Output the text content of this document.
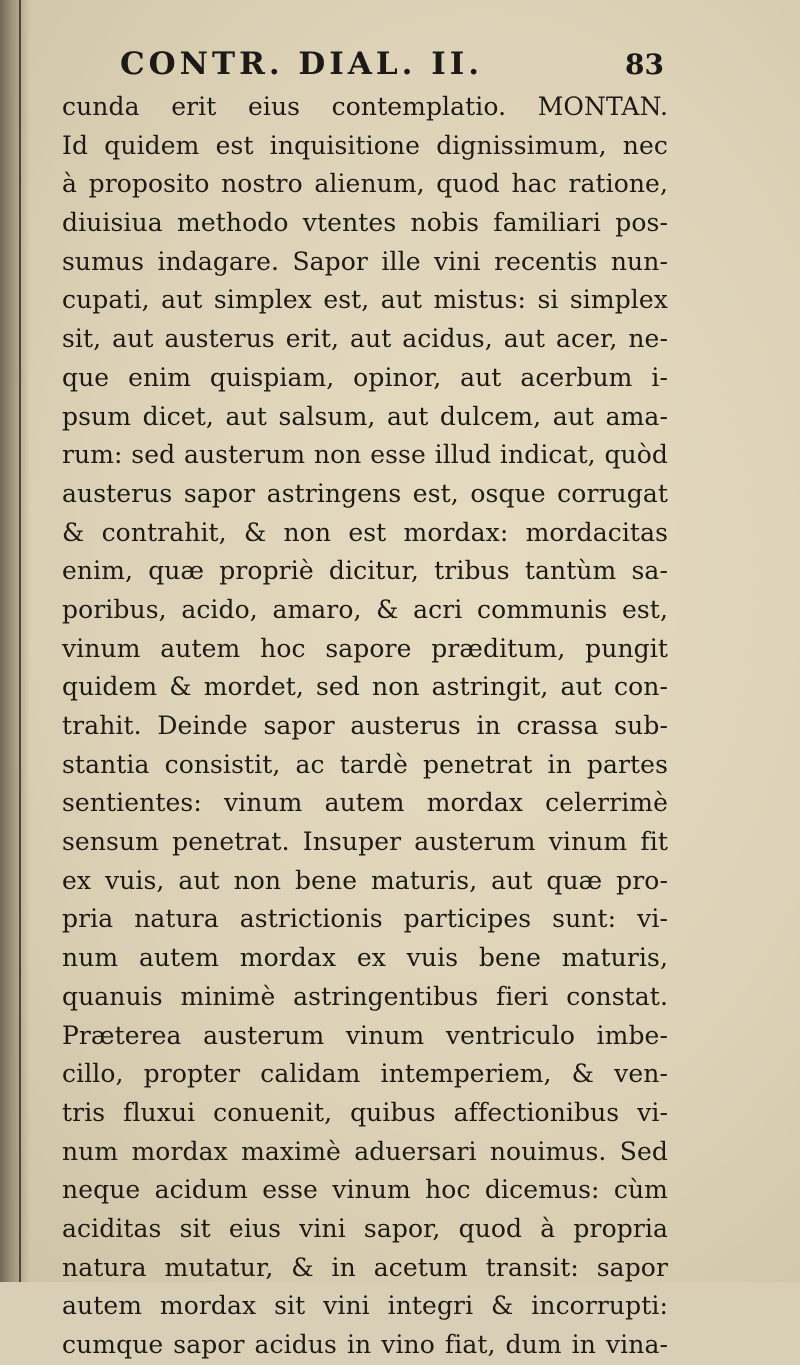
CONTR. DIAL. II.	83
cunda erit eius contemplatio. MONTAN.
Id quidem est inquisitione dignissimum, nec
à proposito nostro alienum, quod hac ratione,
diuisiua methodo vtentes nobis familiari pos-
sumus indagare. Sapor ille vini recentis nun-
cupati, aut simplex est, aut mistus: si simplex
sit, aut austerus erit, aut acidus, aut acer, ne-
que enim quispiam, opinor, aut acerbum i-
psum dicet, aut salsum, aut dulcem, aut ama-
rum: sed austerum non esse illud indicat, quòd
austerus sapor astringens est, osque corrugat
& contrahit, & non est mordax: mordacitas
enim, quæ propriè dicitur, tribus tantùm sa-
poribus, acido, amaro, & acri communis est,
vinum autem hoc sapore præditum, pungit
quidem & mordet, sed non astringit, aut con-
trahit. Deinde sapor austerus in crassa sub-
stantia consistit, ac tardè penetrat in partes
sentientes: vinum autem mordax celerrimè
sensum penetrat. Insuper austerum vinum fit
ex vuis, aut non bene maturis, aut quæ pro-
pria natura astrictionis participes sunt: vi-
num autem mordax ex vuis bene maturis,
quanuis minimè astringentibus fieri constat.
Præterea austerum vinum ventriculo imbe-
cillo, propter calidam intemperiem, & ven-
tris fluxui conuenit, quibus affectionibus vi-
num mordax maximè aduersari nouimus. Sed
neque acidum esse vinum hoc dicemus: cùm
aciditas sit eius vini sapor, quod à propria
natura mutatur, & in acetum transit: sapor
autem mordax sit vini integri & incorrupti:
cumque sapor acidus in vino fiat, dum in vina-
